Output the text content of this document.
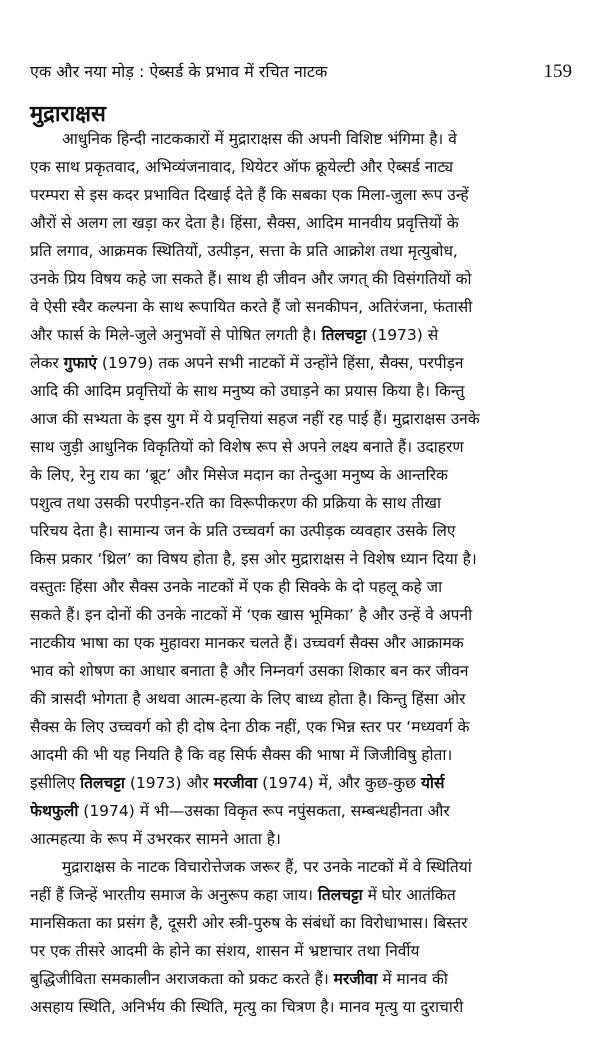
एक और नया मोड़ : ऐब्सर्ड के प्रभाव में रचित नाटक	159
मुद्राराक्षस
आधुनिक हिन्दी नाटककारों में मुद्राराक्षस की अपनी विशिष्ट भंगिमा है। वे
एक साथ प्रकृतवाद, अभिव्यंजनावाद, थियेटर ऑफ क्रूयेल्टी और ऐब्सर्ड नाट्य
परम्परा से इस कदर प्रभावित दिखाई देते हैं कि सबका एक मिला-जुला रूप उन्हें
औरों से अलग ला खड़ा कर देता है। हिंसा, सैक्स, आदिम मानवीय प्रवृत्तियों के
प्रति लगाव, आक्रमक स्थितियों, उत्पीड़न, सत्ता के प्रति आक्रोश तथा मृत्युबोध,
उनके प्रिय विषय कहे जा सकते हैं। साथ ही जीवन और जगत् की विसंगतियों को
वे ऐसी स्वैर कल्पना के साथ रूपायित करते हैं जो सनकीपन, अतिरंजना, फंतासी
और फार्स के मिले-जुले अनुभवों से पोषित लगती है। तिलचट्टा (1973) से
लेकर गुफाएं (1979) तक अपने सभी नाटकों में उन्होंने हिंसा, सैक्स, परपीड़न
आदि की आदिम प्रवृत्तियों के साथ मनुष्य को उघाड़ने का प्रयास किया है। किन्तु
आज की सभ्यता के इस युग में ये प्रवृत्तियां सहज नहीं रह पाई हैं। मुद्राराक्षस उनके
साथ जुड़ी आधुनिक विकृतियों को विशेष रूप से अपने लक्ष्य बनाते हैं। उदाहरण
के लिए, रेनु राय का ‘ब्रूट’ और मिसेज मदान का तेन्दुआ मनुष्य के आन्तरिक
पशुत्व तथा उसकी परपीड़न-रति का विरूपीकरण की प्रक्रिया के साथ तीखा
परिचय देता है। सामान्य जन के प्रति उच्चवर्ग का उत्पीड़क व्यवहार उसके लिए
किस प्रकार ‘थ्रिल’ का विषय होता है, इस ओर मुद्राराक्षस ने विशेष ध्यान दिया है।
वस्तुतः हिंसा और सैक्स उनके नाटकों में एक ही सिक्के के दो पहलू कहे जा
सकते हैं। इन दोनों की उनके नाटकों में ‘एक खास भूमिका’ है और उन्हें वे अपनी
नाटकीय भाषा का एक मुहावरा मानकर चलते हैं। उच्चवर्ग सैक्स और आक्रामक
भाव को शोषण का आधार बनाता है और निम्नवर्ग उसका शिकार बन कर जीवन
की त्रासदी भोगता है अथवा आत्म-हत्या के लिए बाध्य होता है। किन्तु हिंसा ओर
सैक्स के लिए उच्चवर्ग को ही दोष देना ठीक नहीं, एक भिन्न स्तर पर ‘मध्यवर्ग के
आदमी की भी यह नियति है कि वह सिर्फ सैक्स की भाषा में जिजीविषु होता।
इसीलिए तिलचट्टा (1973) और मरजीवा (1974) में, और कुछ-कुछ योर्स
फेथफुली (1974) में भी—उसका विकृत रूप नपुंसकता, सम्बन्धहीनता और
आत्महत्या के रूप में उभरकर सामने आता है।
मुद्राराक्षस के नाटक विचारोत्तेजक जरूर हैं, पर उनके नाटकों में वे स्थितियां
नहीं हैं जिन्हें भारतीय समाज के अनुरूप कहा जाय। तिलचट्टा में घोर आतंकित
मानसिकता का प्रसंग है, दूसरी ओर स्त्री-पुरुष के संबंधों का विरोधाभास। बिस्तर
पर एक तीसरे आदमी के होने का संशय, शासन में भ्रष्टाचार तथा निर्वीय
बुद्धिजीविता समकालीन अराजकता को प्रकट करते हैं। मरजीवा में मानव की
असहाय स्थिति, अनिर्भय की स्थिति, मृत्यु का चित्रण है। मानव मृत्यु या दुराचारी
